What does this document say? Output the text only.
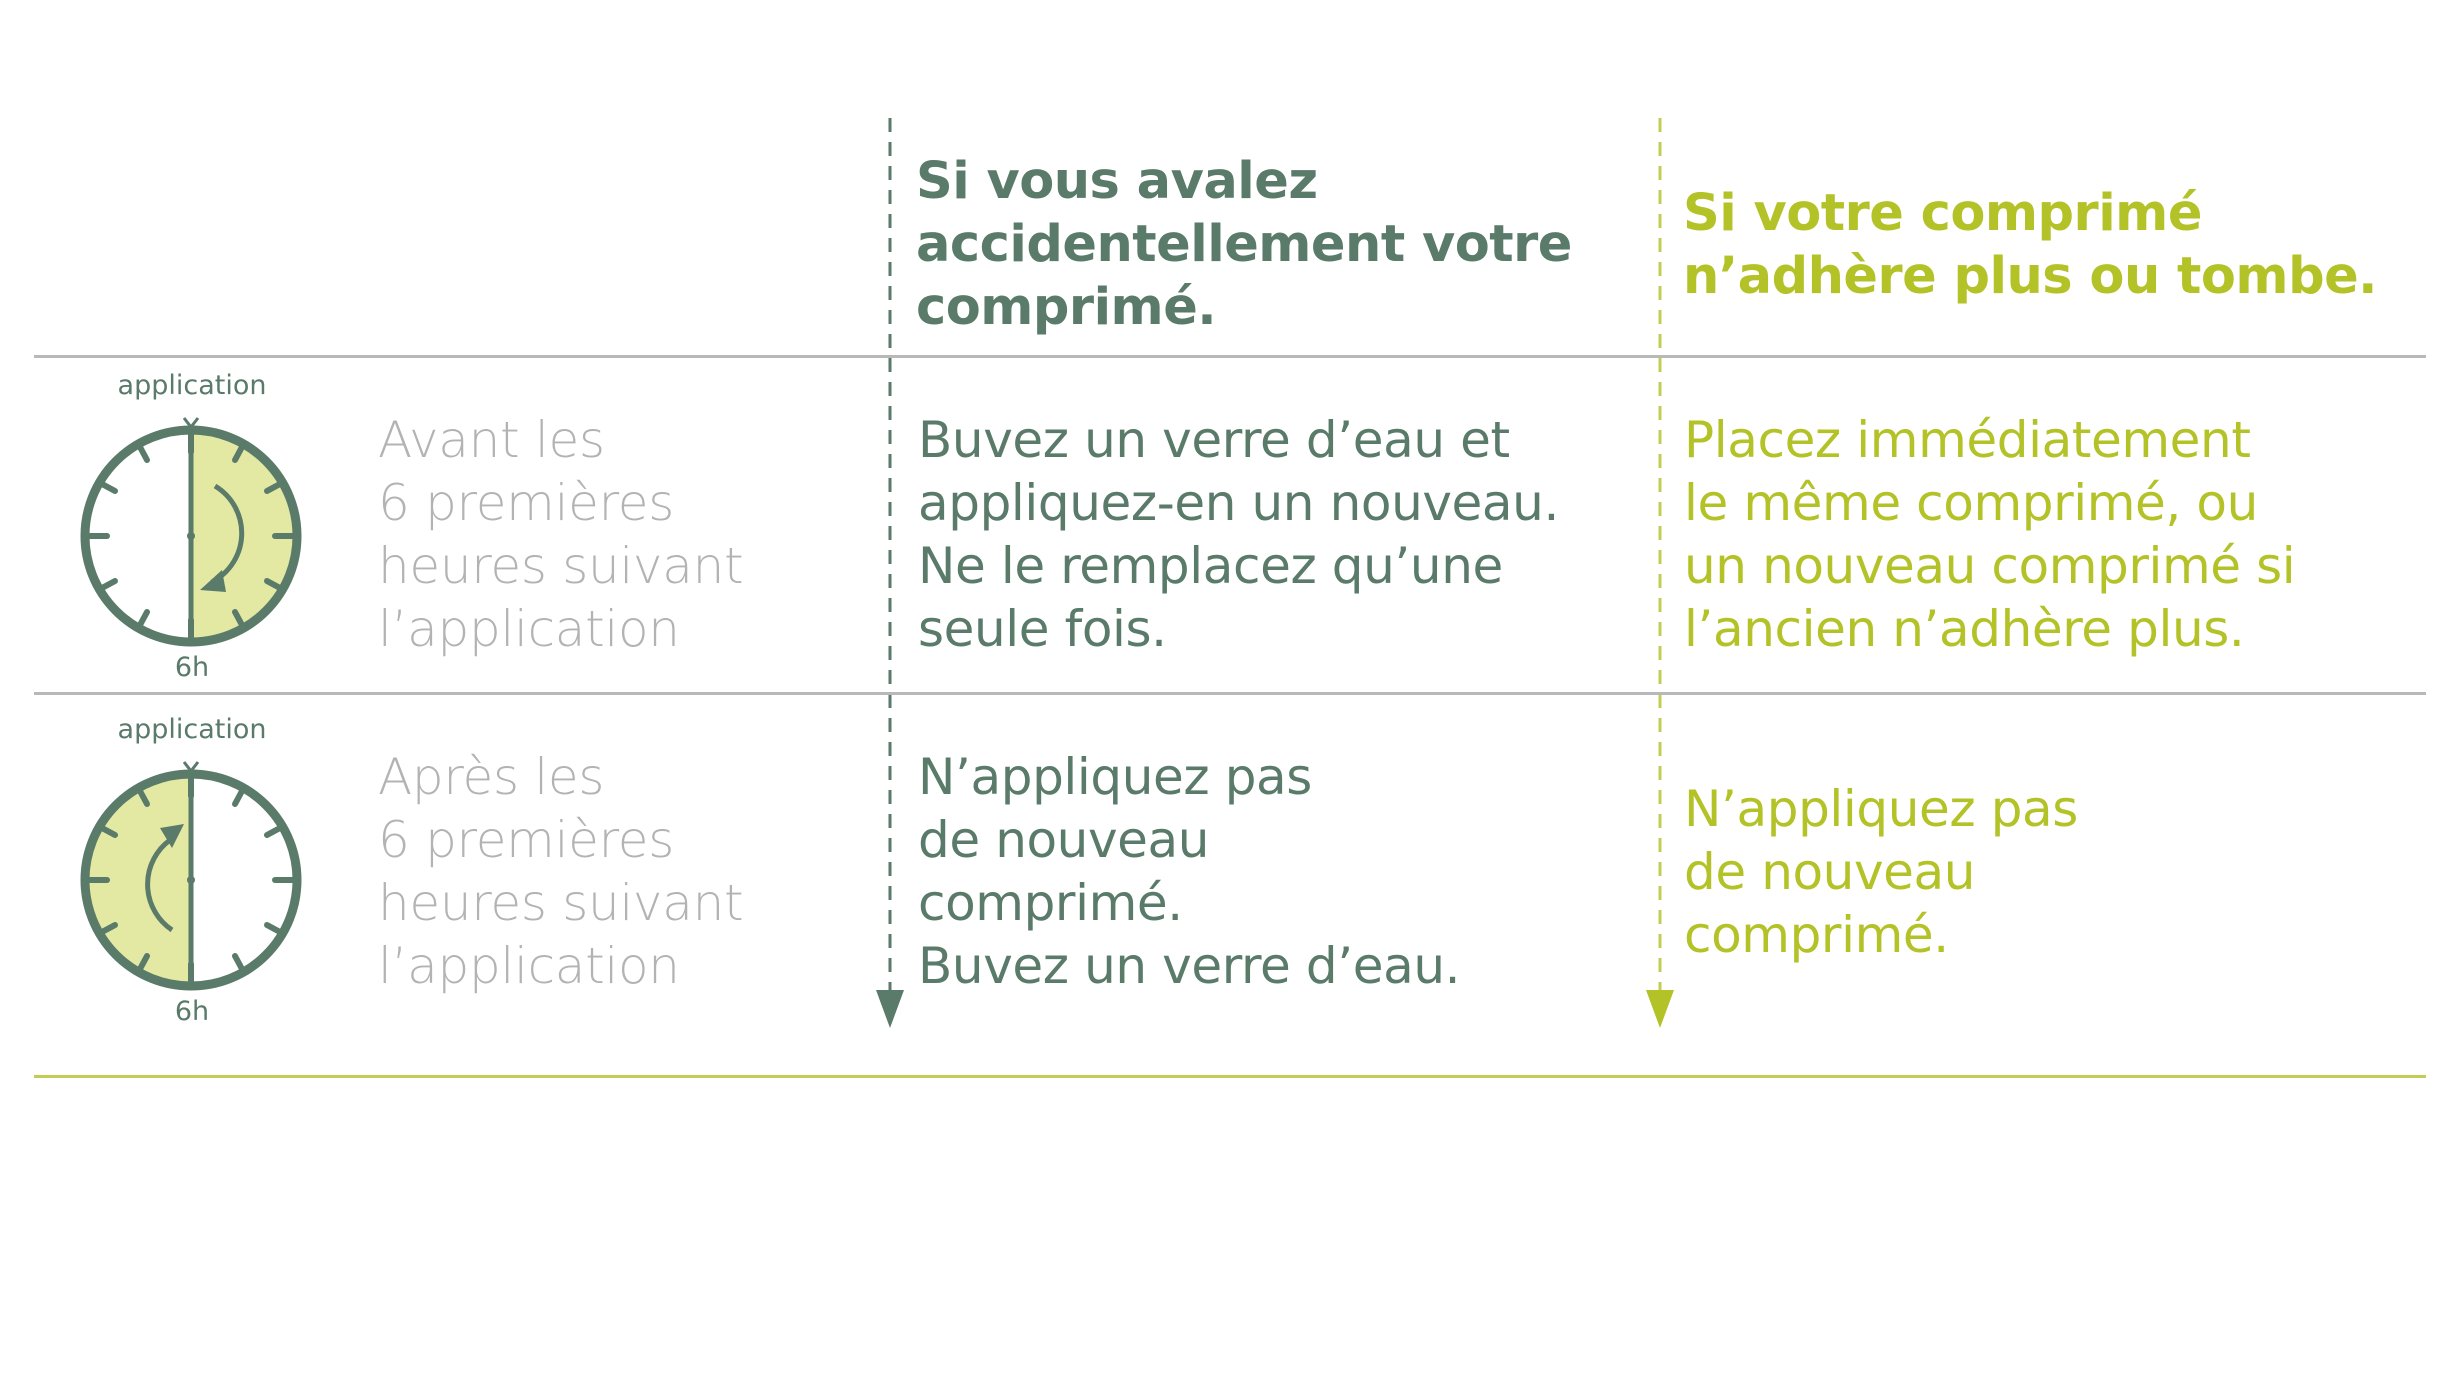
Si vous avalez
accidentellement votre
comprimé.
Si votre comprimé
n’adhère plus ou tombe.
application
6h
application
6h
Avant les
6 premières
heures suivant
l’application
Après les
6 premières
heures suivant
l’application
Buvez un verre d’eau et
appliquez-en un nouveau.
Ne le remplacez qu’une
seule fois.
Placez immédiatement
le même comprimé, ou
un nouveau comprimé si
l’ancien n’adhère plus.
N’appliquez pas
de nouveau
comprimé.
Buvez un verre d’eau.
N’appliquez pas
de nouveau
comprimé.
